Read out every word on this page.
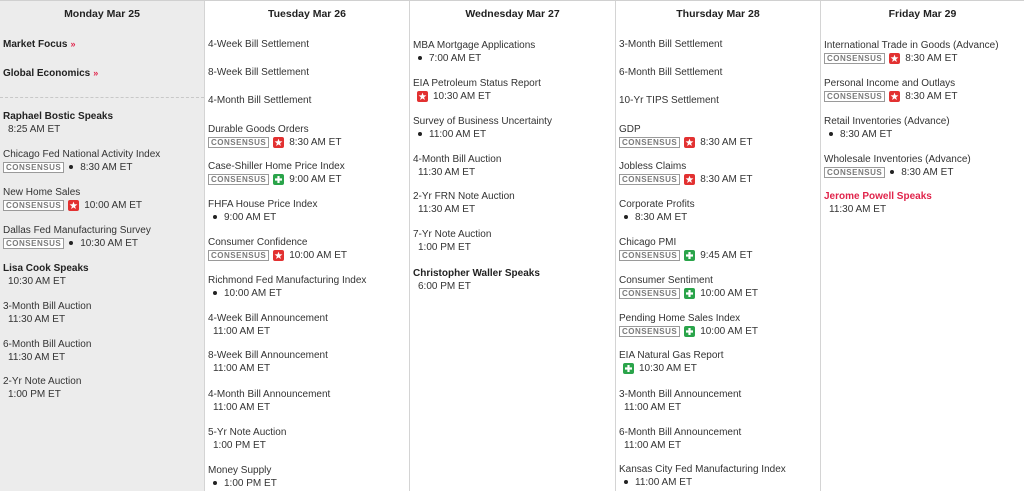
Monday Mar 25
Market Focus »
Global Economics »
Raphael Bostic Speaks
8:25 AM ET
Chicago Fed National Activity Index
CONSENSUS	8:30 AM ET
New Home Sales
CONSENSUS	10:00 AM ET
Dallas Fed Manufacturing Survey
CONSENSUS	10:30 AM ET
Lisa Cook Speaks
10:30 AM ET
3-Month Bill Auction
11:30 AM ET
6-Month Bill Auction
11:30 AM ET
2-Yr Note Auction
1:00 PM ET
Tuesday Mar 26
4-Week Bill Settlement
8-Week Bill Settlement
4-Month Bill Settlement
Durable Goods Orders
CONSENSUS	8:30 AM ET
Case-Shiller Home Price Index
CONSENSUS	9:00 AM ET
FHFA House Price Index
9:00 AM ET
Consumer Confidence
CONSENSUS	10:00 AM ET
Richmond Fed Manufacturing Index
10:00 AM ET
4-Week Bill Announcement
11:00 AM ET
8-Week Bill Announcement
11:00 AM ET
4-Month Bill Announcement
11:00 AM ET
5-Yr Note Auction
1:00 PM ET
Money Supply
1:00 PM ET
Wednesday Mar 27
MBA Mortgage Applications
7:00 AM ET
EIA Petroleum Status Report
10:30 AM ET
Survey of Business Uncertainty
11:00 AM ET
4-Month Bill Auction
11:30 AM ET
2-Yr FRN Note Auction
11:30 AM ET
7-Yr Note Auction
1:00 PM ET
Christopher Waller Speaks
6:00 PM ET
Thursday Mar 28
3-Month Bill Settlement
6-Month Bill Settlement
10-Yr TIPS Settlement
GDP
CONSENSUS	8:30 AM ET
Jobless Claims
CONSENSUS	8:30 AM ET
Corporate Profits
8:30 AM ET
Chicago PMI
CONSENSUS	9:45 AM ET
Consumer Sentiment
CONSENSUS	10:00 AM ET
Pending Home Sales Index
CONSENSUS	10:00 AM ET
EIA Natural Gas Report
10:30 AM ET
3-Month Bill Announcement
11:00 AM ET
6-Month Bill Announcement
11:00 AM ET
Kansas City Fed Manufacturing Index
11:00 AM ET
Friday Mar 29
International Trade in Goods (Advance)
CONSENSUS	8:30 AM ET
Personal Income and Outlays
CONSENSUS	8:30 AM ET
Retail Inventories (Advance)
8:30 AM ET
Wholesale Inventories (Advance)
CONSENSUS	8:30 AM ET
Jerome Powell Speaks
11:30 AM ET
